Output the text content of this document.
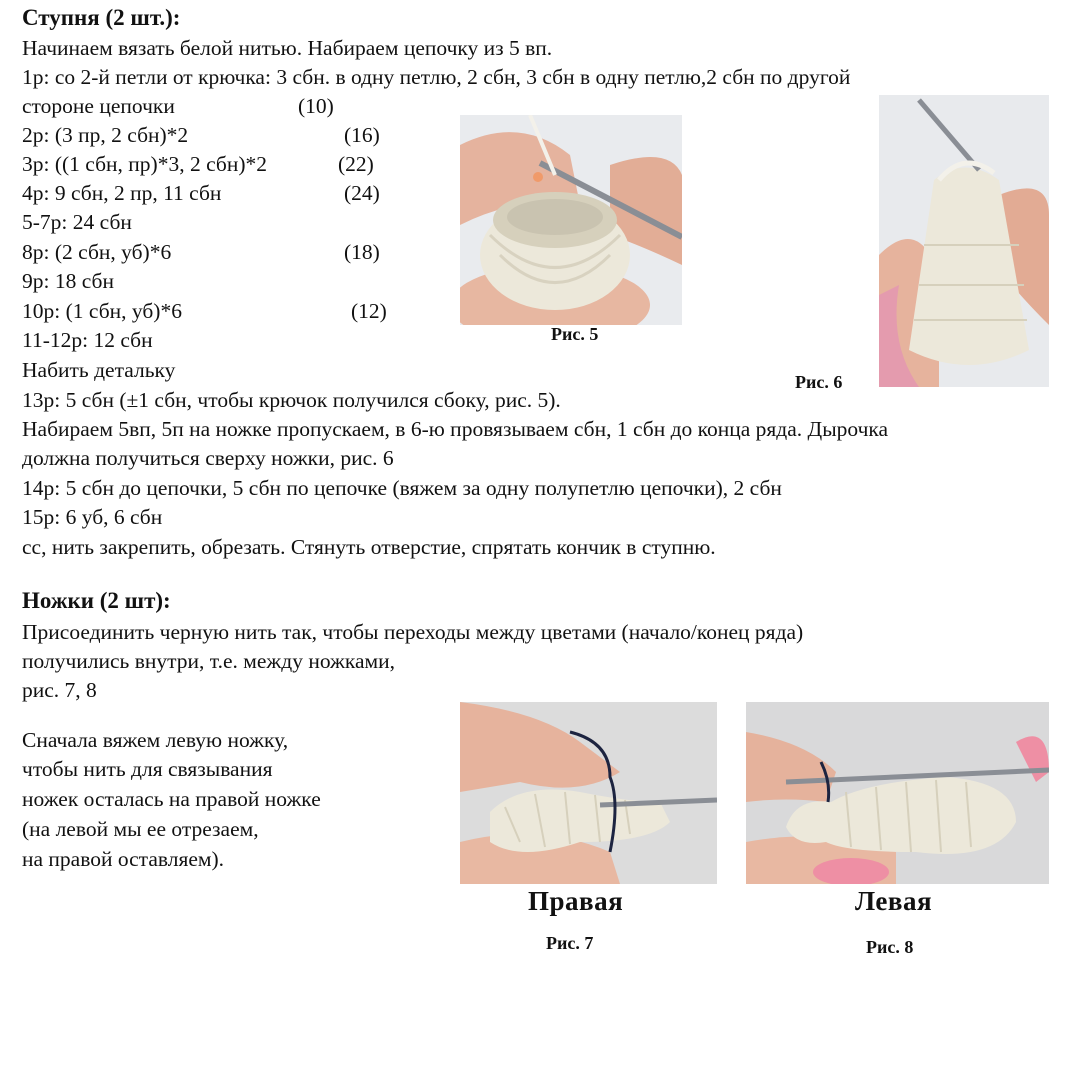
Ступня (2 шт.):
Начинаем вязать белой нитью. Набираем цепочку из 5 вп.
1р: со 2-й петли от крючка: 3 сбн. в одну петлю, 2 сбн, 3 сбн в одну петлю,2 сбн по другой
стороне цепочки	(10)
2р: (3 пр, 2 сбн)*2	(16)
3р: ((1 сбн, пр)*3, 2 сбн)*2	(22)
4р: 9 сбн, 2 пр, 11 сбн	(24)
5-7р: 24 сбн
8р: (2 сбн, уб)*6	(18)
9р: 18 сбн
10р: (1 сбн, уб)*6	(12)
11-12р: 12 сбн
Набить детальку
13р: 5 сбн (±1 сбн, чтобы крючок получился сбоку, рис. 5).
Набираем 5вп, 5п на ножке пропускаем, в 6-ю провязываем сбн, 1 сбн до конца ряда. Дырочка
должна получиться сверху ножки, рис. 6
14р: 5 сбн до цепочки, 5 сбн по цепочке (вяжем за одну полупетлю цепочки), 2 сбн
15р: 6 уб, 6 сбн
сс, нить закрепить, обрезать. Стянуть отверстие, спрятать кончик в ступню.
Рис. 5
Рис. 6
Ножки (2 шт):
Присоединить черную нить так, чтобы переходы между цветами (начало/конец ряда)
получились внутри, т.е. между ножками,
рис. 7, 8
Сначала вяжем левую ножку,
чтобы нить для связывания
ножек осталась на правой ножке
(на левой мы ее отрезаем,
на правой оставляем).
Правая
Рис. 7
Левая
Рис. 8
